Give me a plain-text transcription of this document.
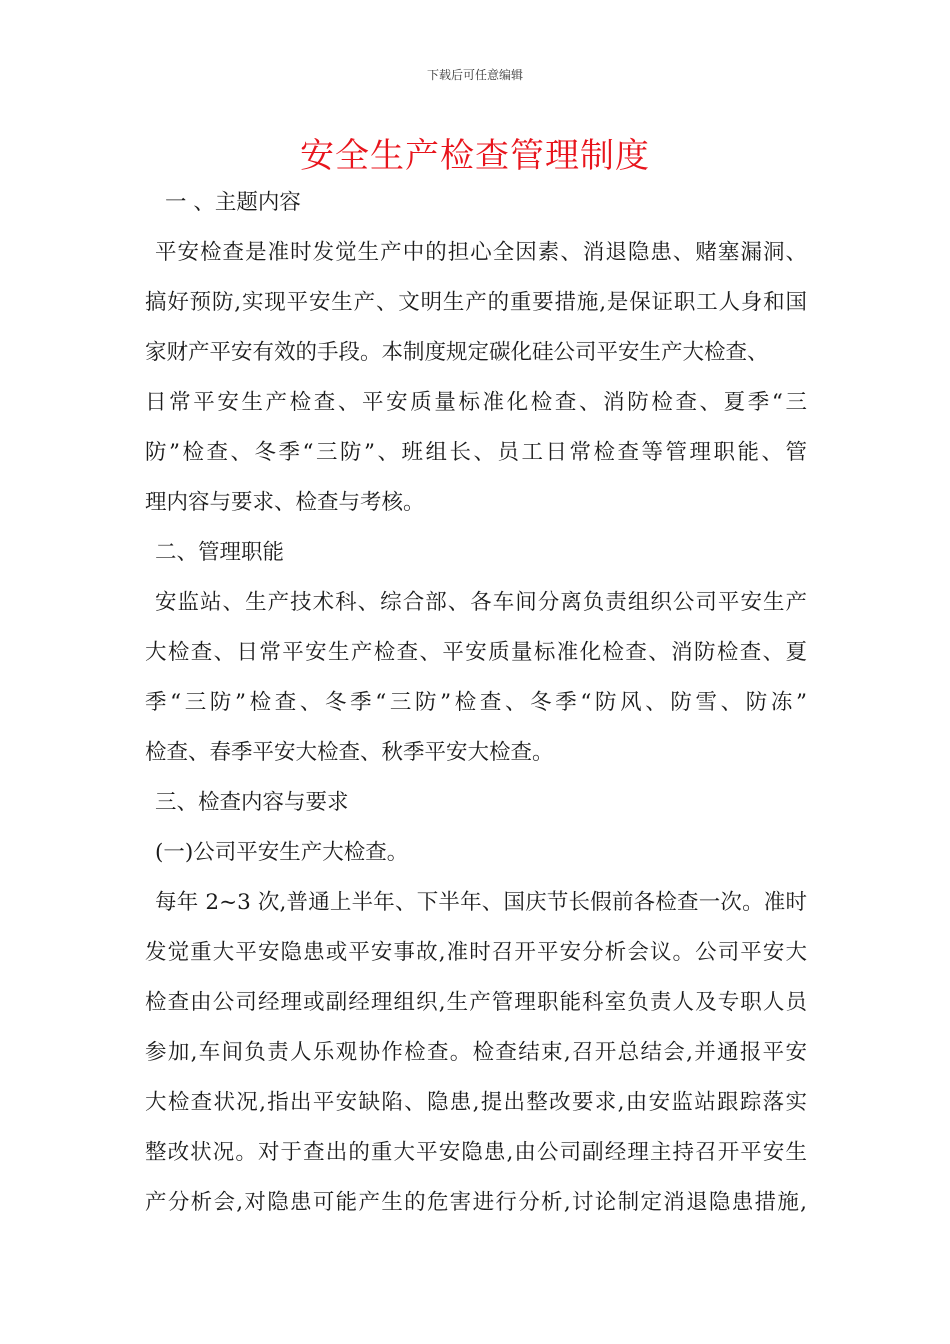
下载后可任意编辑
安全生产检查管理制度
一 、主题内容
平安检查是准时发觉生产中的担心全因素、消退隐患、赌塞漏洞、
搞好预防,实现平安生产、文明生产的重要措施,是保证职工人身和国
家财产平安有效的手段。本制度规定碳化硅公司平安生产大检查、
日常平安生产检查、平安质量标准化检查、消防检查、夏季“三
防”检查、冬季“三防”、班组长、员工日常检查等管理职能、管
理内容与要求、检查与考核。
二、管理职能
安监站、生产技术科、综合部、各车间分离负责组织公司平安生产
大检查、日常平安生产检查、平安质量标准化检查、消防检查、夏
季“三防”检查、冬季“三防”检查、冬季“防风、防雪、防冻”
检查、春季平安大检查、秋季平安大检查。
三、检查内容与要求
(一)公司平安生产大检查。
每年 2~3 次,普通上半年、下半年、国庆节长假前各检查一次。准时
发觉重大平安隐患或平安事故,准时召开平安分析会议。公司平安大
检查由公司经理或副经理组织,生产管理职能科室负责人及专职人员
参加,车间负责人乐观协作检查。检查结束,召开总结会,并通报平安
大检查状况,指出平安缺陷、隐患,提出整改要求,由安监站跟踪落实
整改状况。对于查出的重大平安隐患,由公司副经理主持召开平安生
产分析会,对隐患可能产生的危害进行分析,讨论制定消退隐患措施,
